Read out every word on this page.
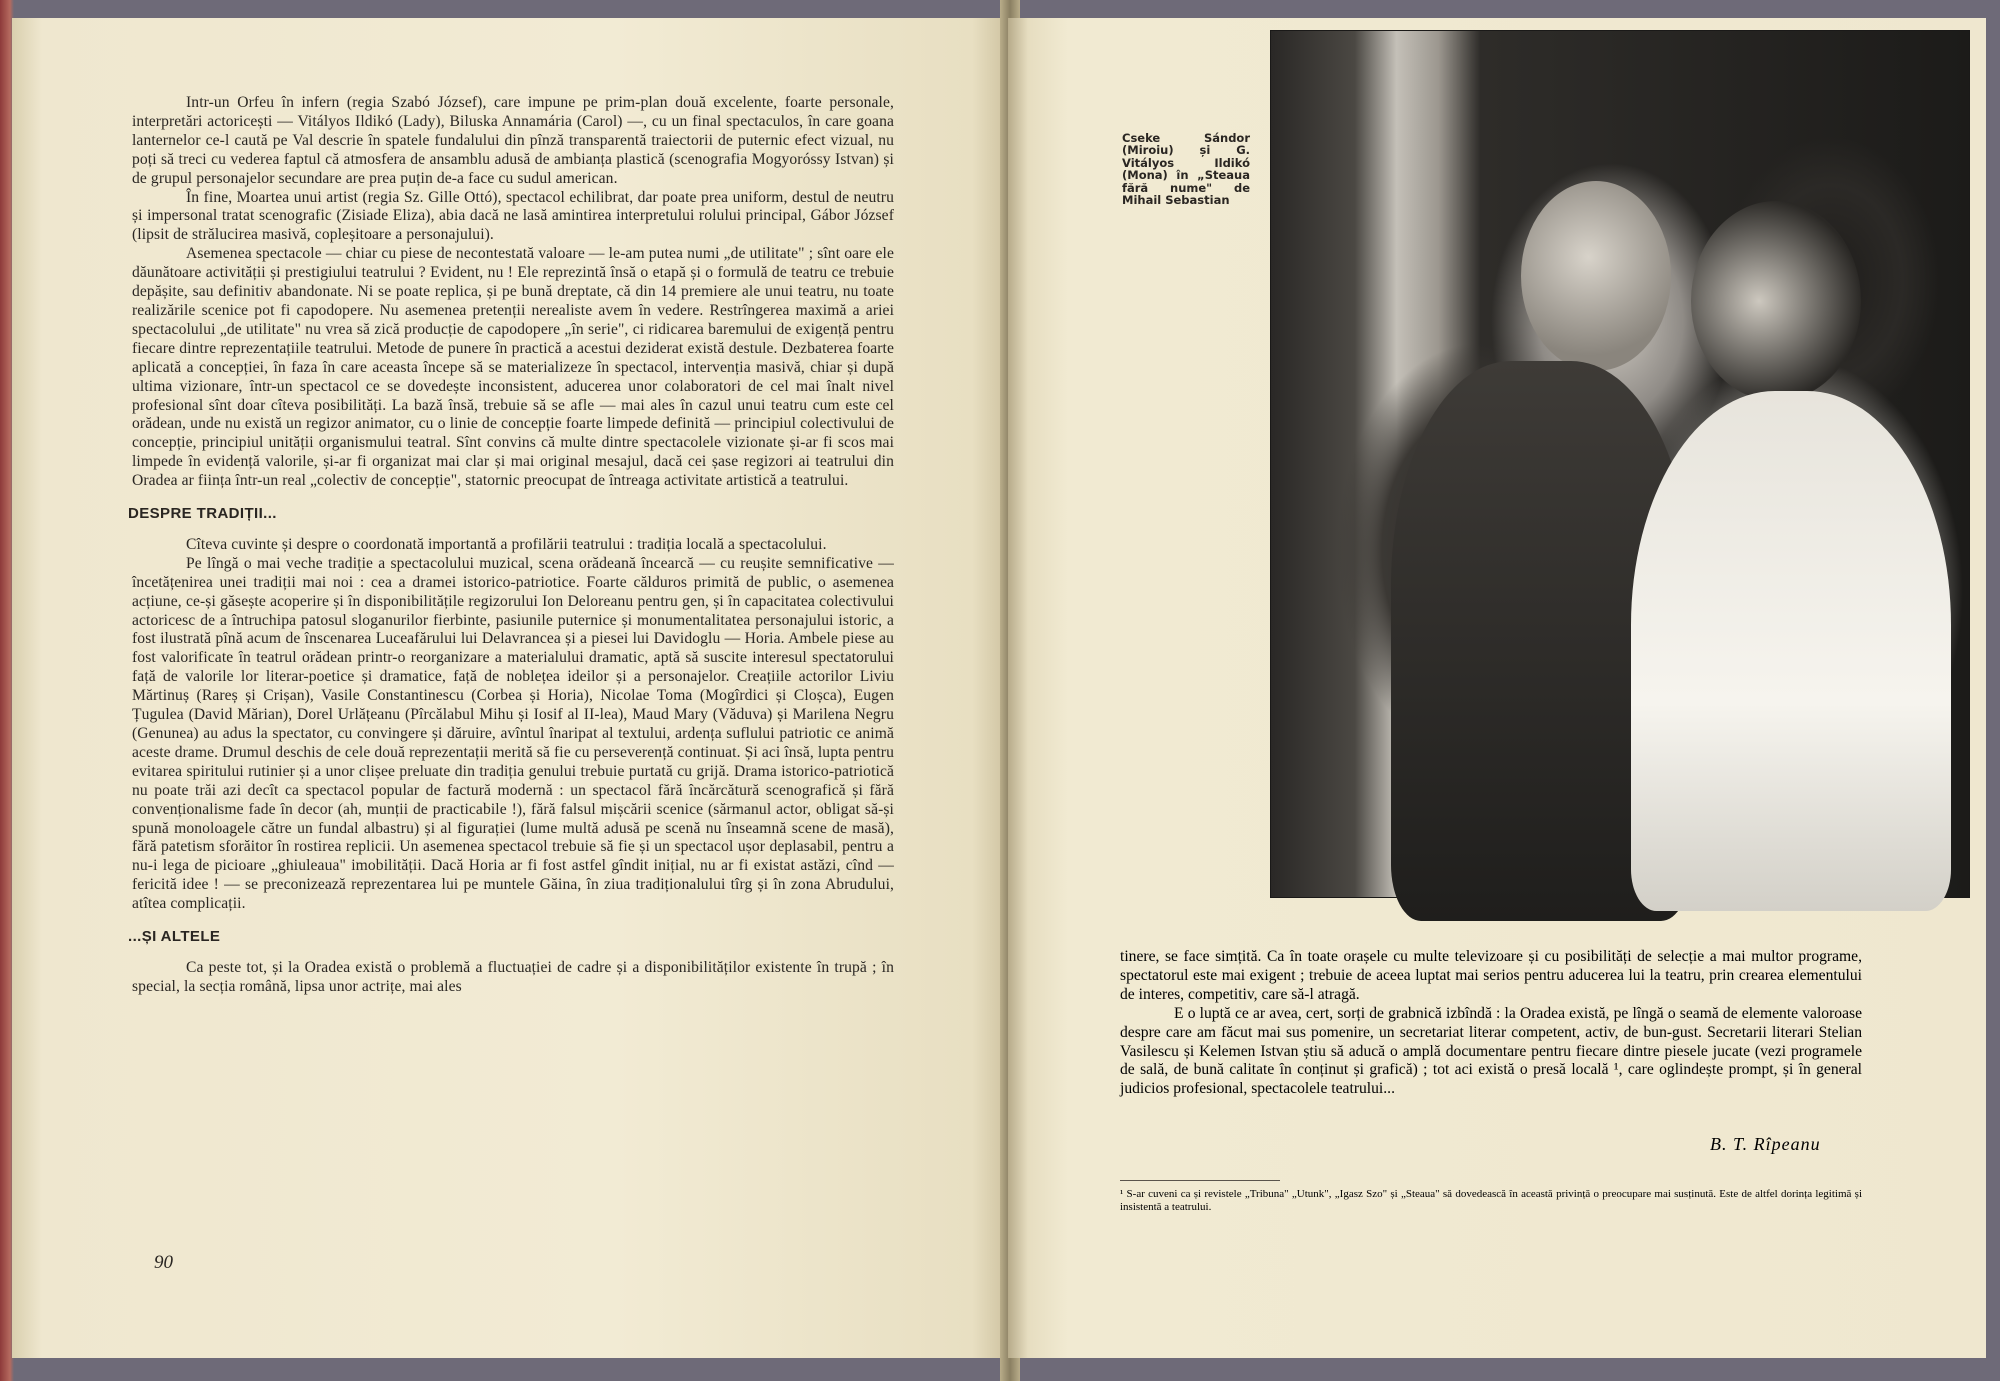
Intr-un Orfeu în infern (regia Szabó József), care impune pe prim-plan două excelente, foarte personale, interpretări actoricești — Vitályos Ildikó (Lady), Biluska Annamária (Carol) —, cu un final spectaculos, în care goana lanternelor ce-l caută pe Val descrie în spatele fundalului din pînză transparentă traiectorii de puternic efect vizual, nu poți să treci cu vederea faptul că atmosfera de ansamblu adusă de ambianța plastică (scenografia Mogyoróssy Istvan) și de grupul personajelor secundare are prea puțin de-a face cu sudul american.

În fine, Moartea unui artist (regia Sz. Gille Ottó), spectacol echilibrat, dar poate prea uniform, destul de neutru și impersonal tratat scenografic (Zisiade Eliza), abia dacă ne lasă amintirea interpretului rolului principal, Gábor József (lipsit de strălucirea masivă, copleșitoare a personajului).

Asemenea spectacole — chiar cu piese de necontestată valoare — le-am putea numi „de utilitate" ; sînt oare ele dăunătoare activității și prestigiului teatrului ? Evident, nu ! Ele reprezintă însă o etapă și o formulă de teatru ce trebuie depășite, sau definitiv abandonate. Ni se poate replica, și pe bună dreptate, că din 14 premiere ale unui teatru, nu toate realizările scenice pot fi capodopere. Nu asemenea pretenții nerealiste avem în vedere. Restrîngerea maximă a ariei spectacolului „de utilitate" nu vrea să zică producție de capodopere „în serie", ci ridicarea baremului de exigență pentru fiecare dintre reprezentațiile teatrului. Metode de punere în practică a acestui deziderat există destule. Dezbaterea foarte aplicată a concepției, în faza în care aceasta începe să se materializeze în spectacol, intervenția masivă, chiar și după ultima vizionare, într-un spectacol ce se dovedește inconsistent, aducerea unor colaboratori de cel mai înalt nivel profesional sînt doar cîteva posibilități. La bază însă, trebuie să se afle — mai ales în cazul unui teatru cum este cel orădean, unde nu există un regizor animator, cu o linie de concepție foarte limpede definită — principiul colectivului de concepție, principiul unității organismului teatral. Sînt convins că multe dintre spectacolele vizionate și-ar fi scos mai limpede în evidență valorile, și-ar fi organizat mai clar și mai original mesajul, dacă cei șase regizori ai teatrului din Oradea ar ființa într-un real „colectiv de concepție", statornic preocupat de întreaga activitate artistică a teatrului.

DESPRE TRADIȚII...

Cîteva cuvinte și despre o coordonată importantă a profilării teatrului : tradiția locală a spectacolului.

Pe lîngă o mai veche tradiție a spectacolului muzical, scena orădeană încearcă — cu reușite semnificative — încetățenirea unei tradiții mai noi : cea a dramei istorico-patriotice. Foarte călduros primită de public, o asemenea acțiune, ce-și găsește acoperire și în disponibilitățile regizorului Ion Deloreanu pentru gen, și în capacitatea colectivului actoricesc de a întruchipa patosul sloganurilor fierbinte, pasiunile puternice și monumentalitatea personajului istoric, a fost ilustrată pînă acum de înscenarea Luceafărului lui Delavrancea și a piesei lui Davidoglu — Horia. Ambele piese au fost valorificate în teatrul orădean printr-o reorganizare a materialului dramatic, aptă să suscite interesul spectatorului față de valorile lor literar-poetice și dramatice, față de noblețea ideilor și a personajelor. Creațiile actorilor Liviu Mărtinuș (Rareș și Crișan), Vasile Constantinescu (Corbea și Horia), Nicolae Toma (Mogîrdici și Cloșca), Eugen Țugulea (David Mărian), Dorel Urlățeanu (Pîrcălabul Mihu și Iosif al II-lea), Maud Mary (Văduva) și Marilena Negru (Genunea) au adus la spectator, cu convingere și dăruire, avîntul înaripat al textului, ardența suflului patriotic ce animă aceste drame. Drumul deschis de cele două reprezentații merită să fie cu perseverență continuat. Și aci însă, lupta pentru evitarea spiritului rutinier și a unor clișee preluate din tradiția genului trebuie purtată cu grijă. Drama istorico-patriotică nu poate trăi azi decît ca spectacol popular de factură modernă : un spectacol fără încărcătură scenografică și fără convenționalisme fade în decor (ah, munții de practicabile !), fără falsul mișcării scenice (sărmanul actor, obligat să-și spună monoloagele către un fundal albastru) și al figurației (lume multă adusă pe scenă nu înseamnă scene de masă), fără patetism sforăitor în rostirea replicii. Un asemenea spectacol trebuie să fie și un spectacol ușor deplasabil, pentru a nu-i lega de picioare „ghiuleaua" imobilității. Dacă Horia ar fi fost astfel gîndit inițial, nu ar fi existat astăzi, cînd — fericită idee ! — se preconizează reprezentarea lui pe muntele Găina, în ziua tradiționalului tîrg și în zona Abrudului, atîtea complicații.

...ȘI ALTELE

Ca peste tot, și la Oradea există o problemă a fluctuației de cadre și a disponibilităților existente în trupă ; în special, la secția română, lipsa unor actrițe, mai ales

90
Cseke Sándor (Miroiu) și G. Vitályos Ildikó (Mona) în „Steaua fără nume" de Mihail Sebastian

tinere, se face simțită. Ca în toate orașele cu multe televizoare și cu posibilități de selecție a mai multor programe, spectatorul este mai exigent ; trebuie de aceea luptat mai serios pentru aducerea lui la teatru, prin crearea elementului de interes, competitiv, care să-l atragă.

E o luptă ce ar avea, cert, sorți de grabnică izbîndă : la Oradea există, pe lîngă o seamă de elemente valoroase despre care am făcut mai sus pomenire, un secretariat literar competent, activ, de bun-gust. Secretarii literari Stelian Vasilescu și Kelemen Istvan știu să aducă o amplă documentare pentru fiecare dintre piesele jucate (vezi programele de sală, de bună calitate în conținut și grafică) ; tot aci există o presă locală ¹, care oglindește prompt, și în general judicios profesional, spectacolele teatrului...

B. T. Rîpeanu
¹ S-ar cuveni ca și revistele „Tribuna" „Utunk", „Igasz Szo" și „Steaua" să dovedească în această privință o preocupare mai susținută. Este de altfel dorința legitimă și insistentă a teatrului.
